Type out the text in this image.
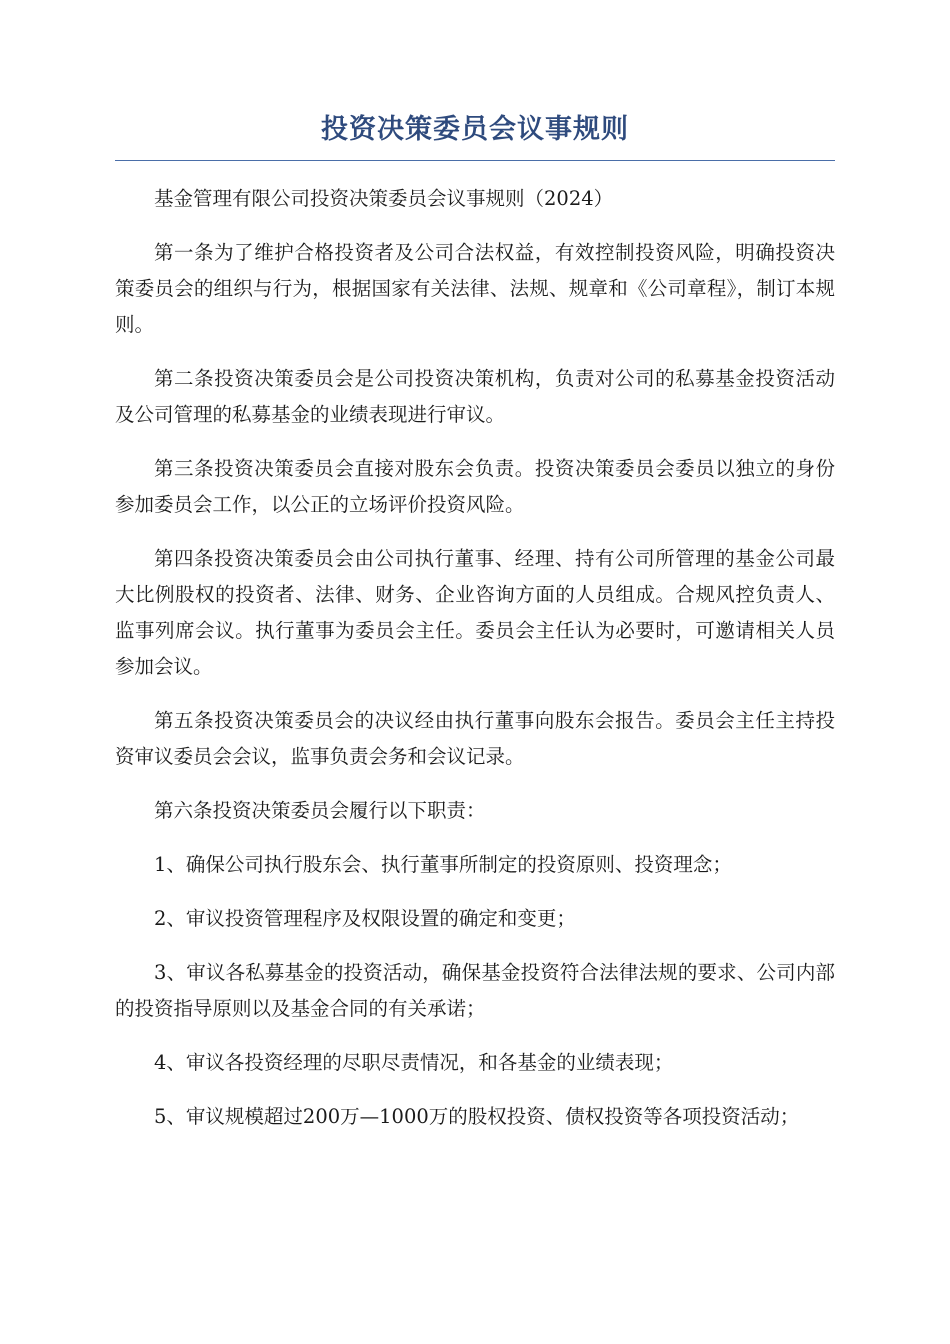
投资决策委员会议事规则

基金管理有限公司投资决策委员会议事规则（2024）

第一条为了维护合格投资者及公司合法权益，有效控制投资风险，明确投资决策委员会的组织与行为，根据国家有关法律、法规、规章和《公司章程》，制订本规则。

第二条投资决策委员会是公司投资决策机构，负责对公司的私募基金投资活动及公司管理的私募基金的业绩表现进行审议。

第三条投资决策委员会直接对股东会负责。投资决策委员会委员以独立的身份参加委员会工作，以公正的立场评价投资风险。

第四条投资决策委员会由公司执行董事、经理、持有公司所管理的基金公司最大比例股权的投资者、法律、财务、企业咨询方面的人员组成。合规风控负责人、监事列席会议。执行董事为委员会主任。委员会主任认为必要时，可邀请相关人员参加会议。

第五条投资决策委员会的决议经由执行董事向股东会报告。委员会主任主持投资审议委员会会议，监事负责会务和会议记录。

第六条投资决策委员会履行以下职责：

1、确保公司执行股东会、执行董事所制定的投资原则、投资理念；

2、审议投资管理程序及权限设置的确定和变更；

3、审议各私募基金的投资活动，确保基金投资符合法律法规的要求、公司内部的投资指导原则以及基金合同的有关承诺；

4、审议各投资经理的尽职尽责情况，和各基金的业绩表现；

5、审议规模超过200万—1000万的股权投资、债权投资等各项投资活动；
